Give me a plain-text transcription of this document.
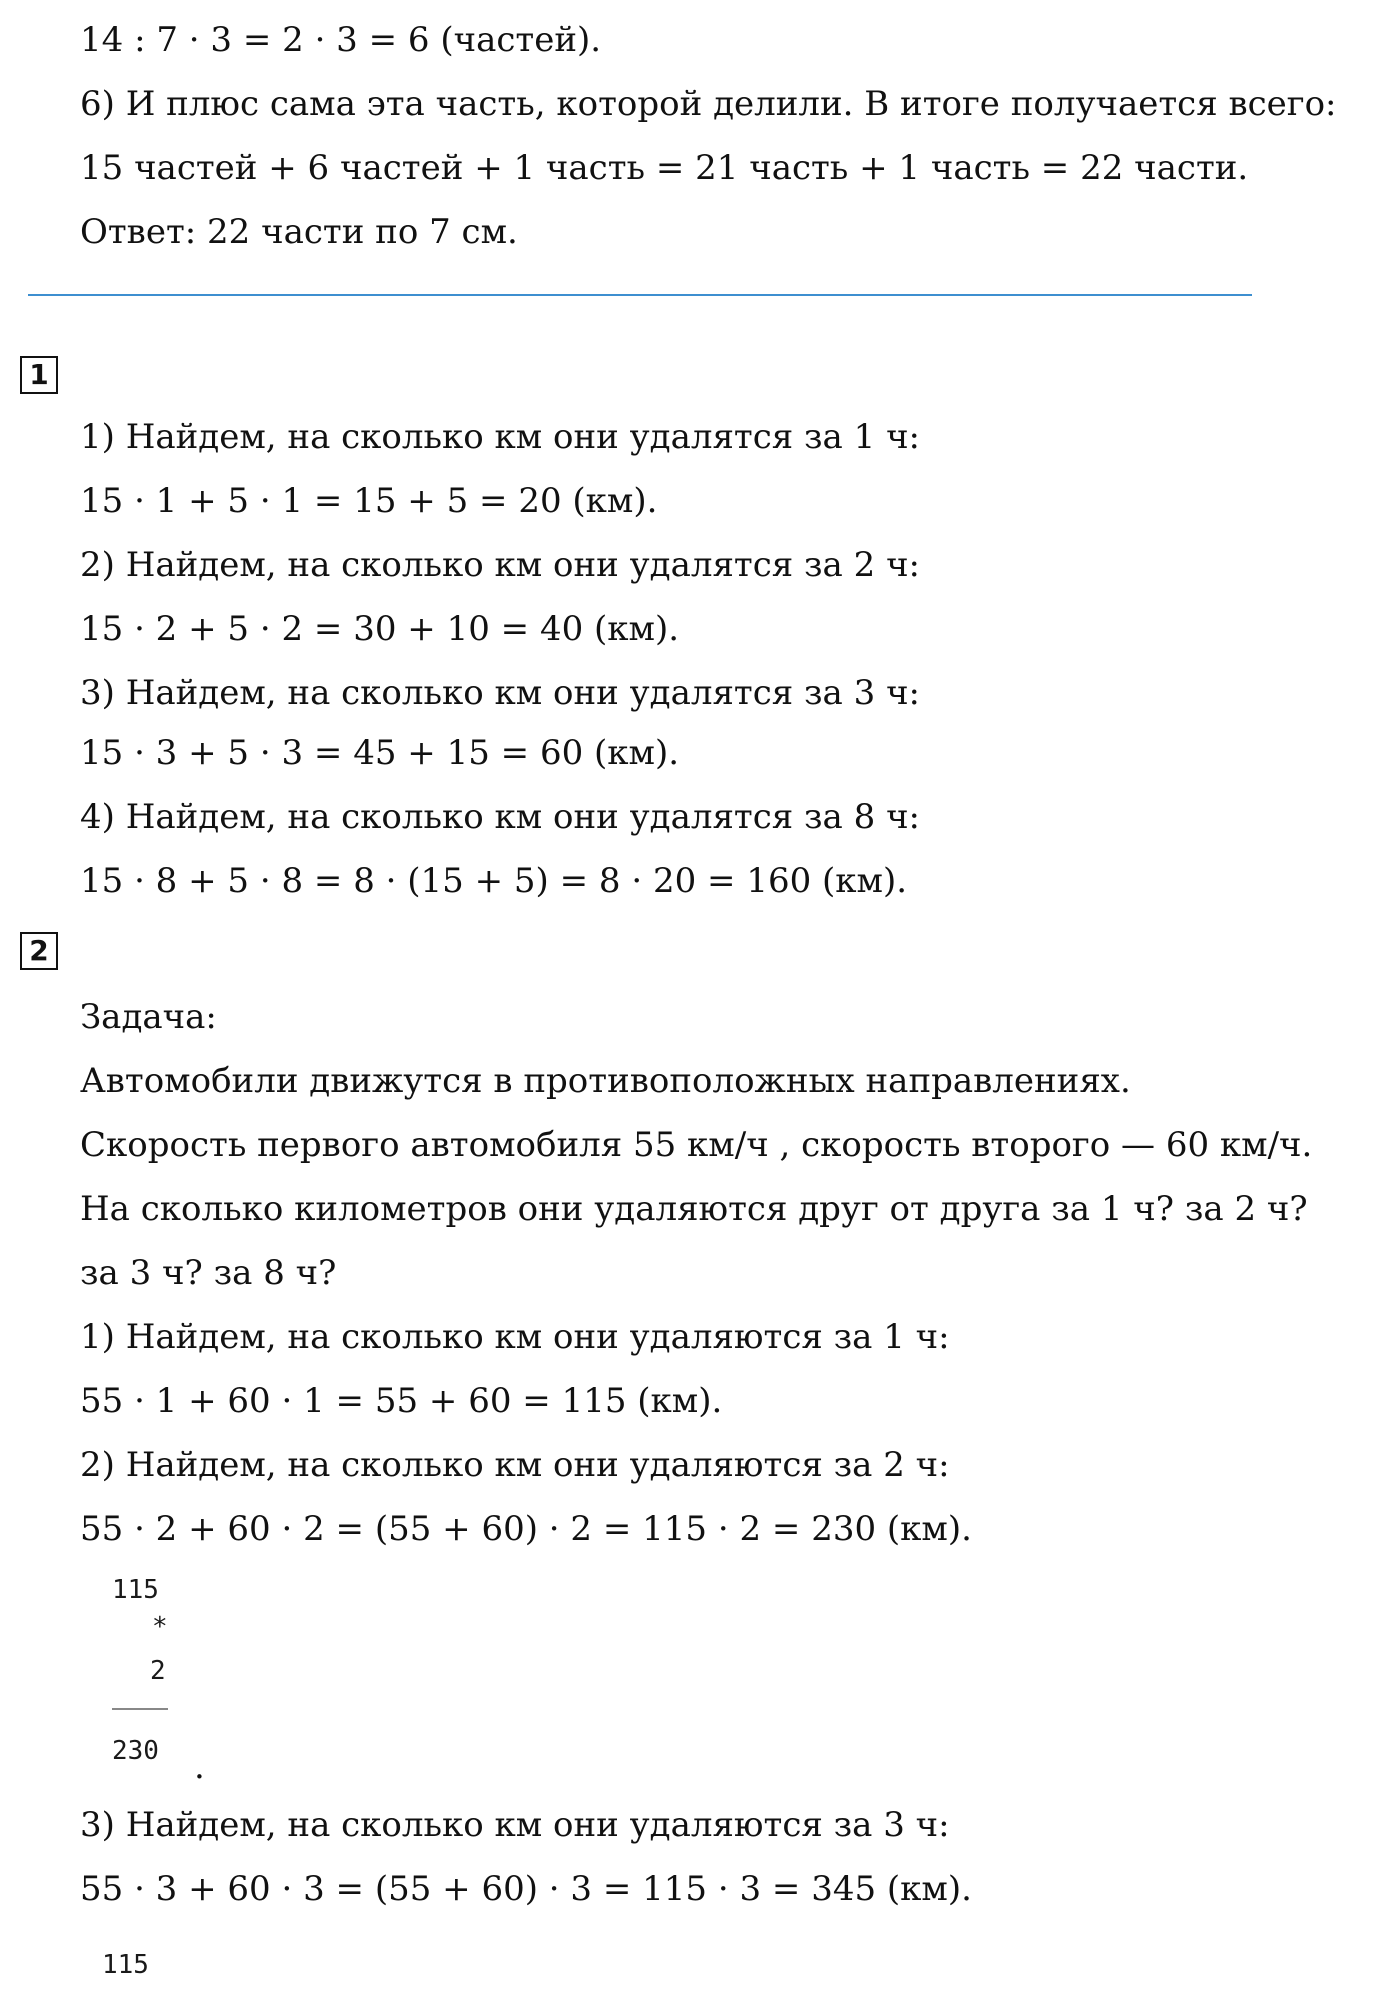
14 : 7 · 3 = 2 · 3 = 6 (частей).
6) И плюс сама эта часть, которой делили. В итоге получается всего:
15 частей + 6 частей + 1 часть = 21 часть + 1 часть = 22 части.
Ответ: 22 части по 7 см.
1
1) Найдем, на сколько км они удалятся за 1 ч:
15 · 1 + 5 · 1 = 15 + 5 = 20 (км).
2) Найдем, на сколько км они удалятся за 2 ч:
15 · 2 + 5 · 2 = 30 + 10 = 40 (км).
3) Найдем, на сколько км они удалятся за 3 ч:
15 · 3 + 5 · 3 = 45 + 15 = 60 (км).
4) Найдем, на сколько км они удалятся за 8 ч:
15 · 8 + 5 · 8 = 8 · (15 + 5) = 8 · 20 = 160 (км).
2
Задача:
Автомобили движутся в противоположных направлениях.
Скорость первого автомобиля 55 км/ч , скорость второго — 60 км/ч.
На сколько километров они удаляются друг от друга за 1 ч? за 2 ч?
за 3 ч? за 8 ч?
1) Найдем, на сколько км они удаляются за 1 ч:
55 · 1 + 60 · 1 = 55 + 60 = 115 (км).
2) Найдем, на сколько км они удаляются за 2 ч:
55 · 2 + 60 · 2 = (55 + 60) · 2 = 115 · 2 = 230 (км).
115
*
2
230 .
3) Найдем, на сколько км они удаляются за 3 ч:
55 · 3 + 60 · 3 = (55 + 60) · 3 = 115 · 3 = 345 (км).
115
